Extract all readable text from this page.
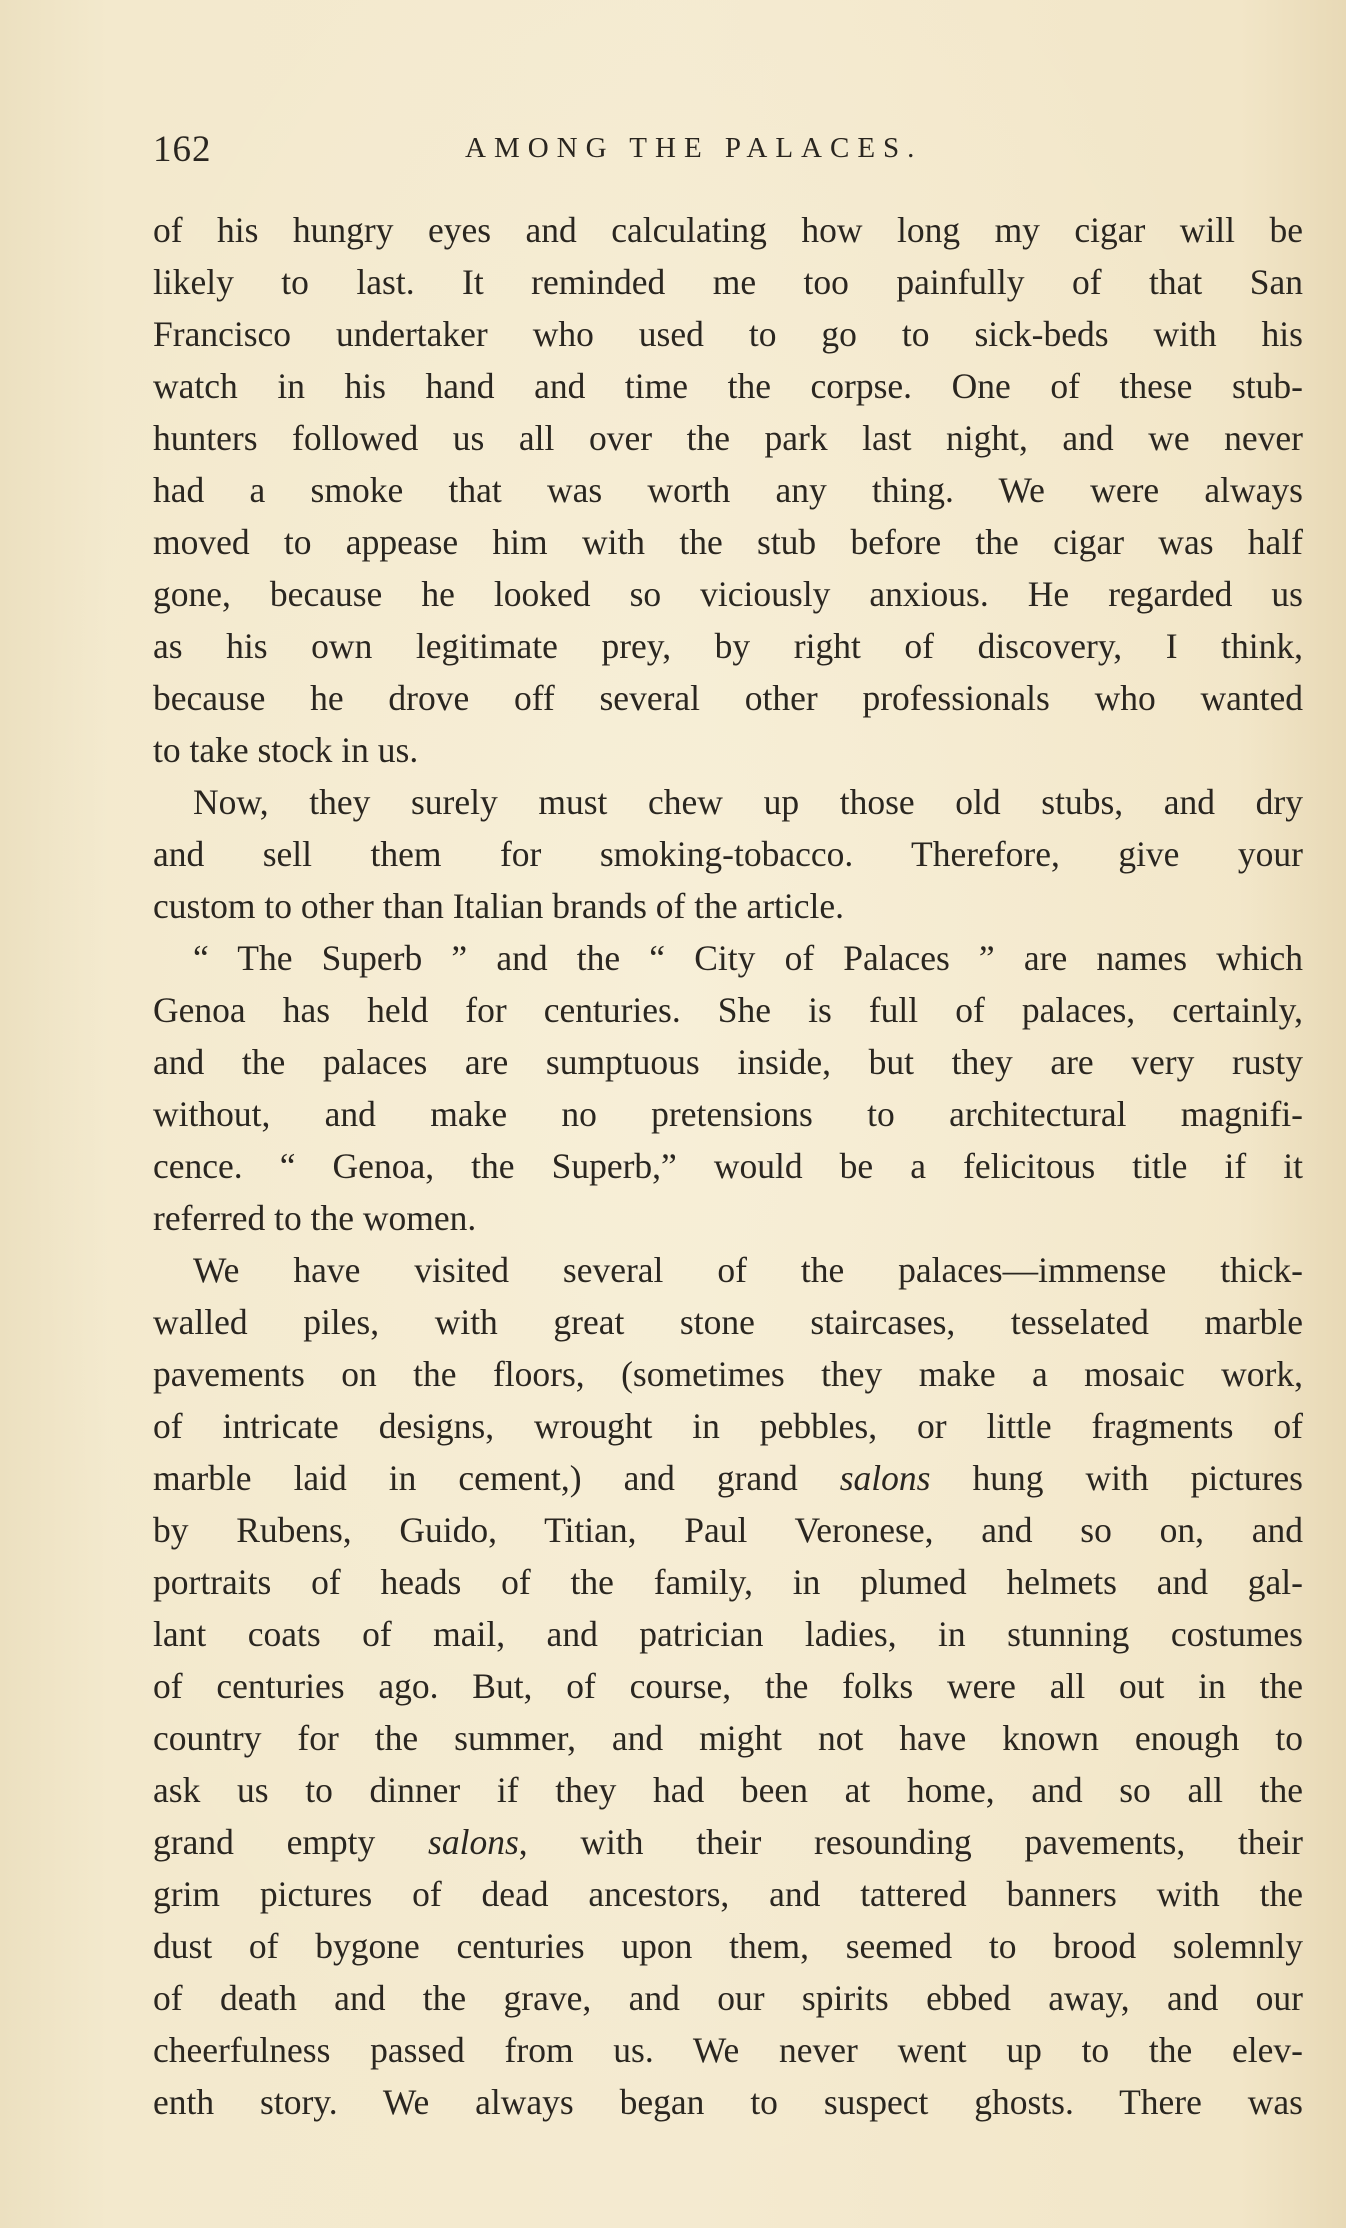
162	AMONG THE PALACES.
of his hungry eyes and calculating how long my cigar will be
likely to last. It reminded me too painfully of that San
Francisco undertaker who used to go to sick-beds with his
watch in his hand and time the corpse. One of these stub-
hunters followed us all over the park last night, and we never
had a smoke that was worth any thing. We were always
moved to appease him with the stub before the cigar was half
gone, because he looked so viciously anxious. He regarded us
as his own legitimate prey, by right of discovery, I think,
because he drove off several other professionals who wanted
to take stock in us.
Now, they surely must chew up those old stubs, and dry
and sell them for smoking-tobacco. Therefore, give your
custom to other than Italian brands of the article.
“ The Superb ” and the “ City of Palaces ” are names which
Genoa has held for centuries. She is full of palaces, certainly,
and the palaces are sumptuous inside, but they are very rusty
without, and make no pretensions to architectural magnifi-
cence. “ Genoa, the Superb,” would be a felicitous title if it
referred to the women.
We have visited several of the palaces—immense thick-
walled piles, with great stone staircases, tesselated marble
pavements on the floors, (sometimes they make a mosaic work,
of intricate designs, wrought in pebbles, or little fragments of
marble laid in cement,) and grand salons hung with pictures
by Rubens, Guido, Titian, Paul Veronese, and so on, and
portraits of heads of the family, in plumed helmets and gal-
lant coats of mail, and patrician ladies, in stunning costumes
of centuries ago. But, of course, the folks were all out in the
country for the summer, and might not have known enough to
ask us to dinner if they had been at home, and so all the
grand empty salons, with their resounding pavements, their
grim pictures of dead ancestors, and tattered banners with the
dust of bygone centuries upon them, seemed to brood solemnly
of death and the grave, and our spirits ebbed away, and our
cheerfulness passed from us. We never went up to the elev-
enth story. We always began to suspect ghosts. There was
